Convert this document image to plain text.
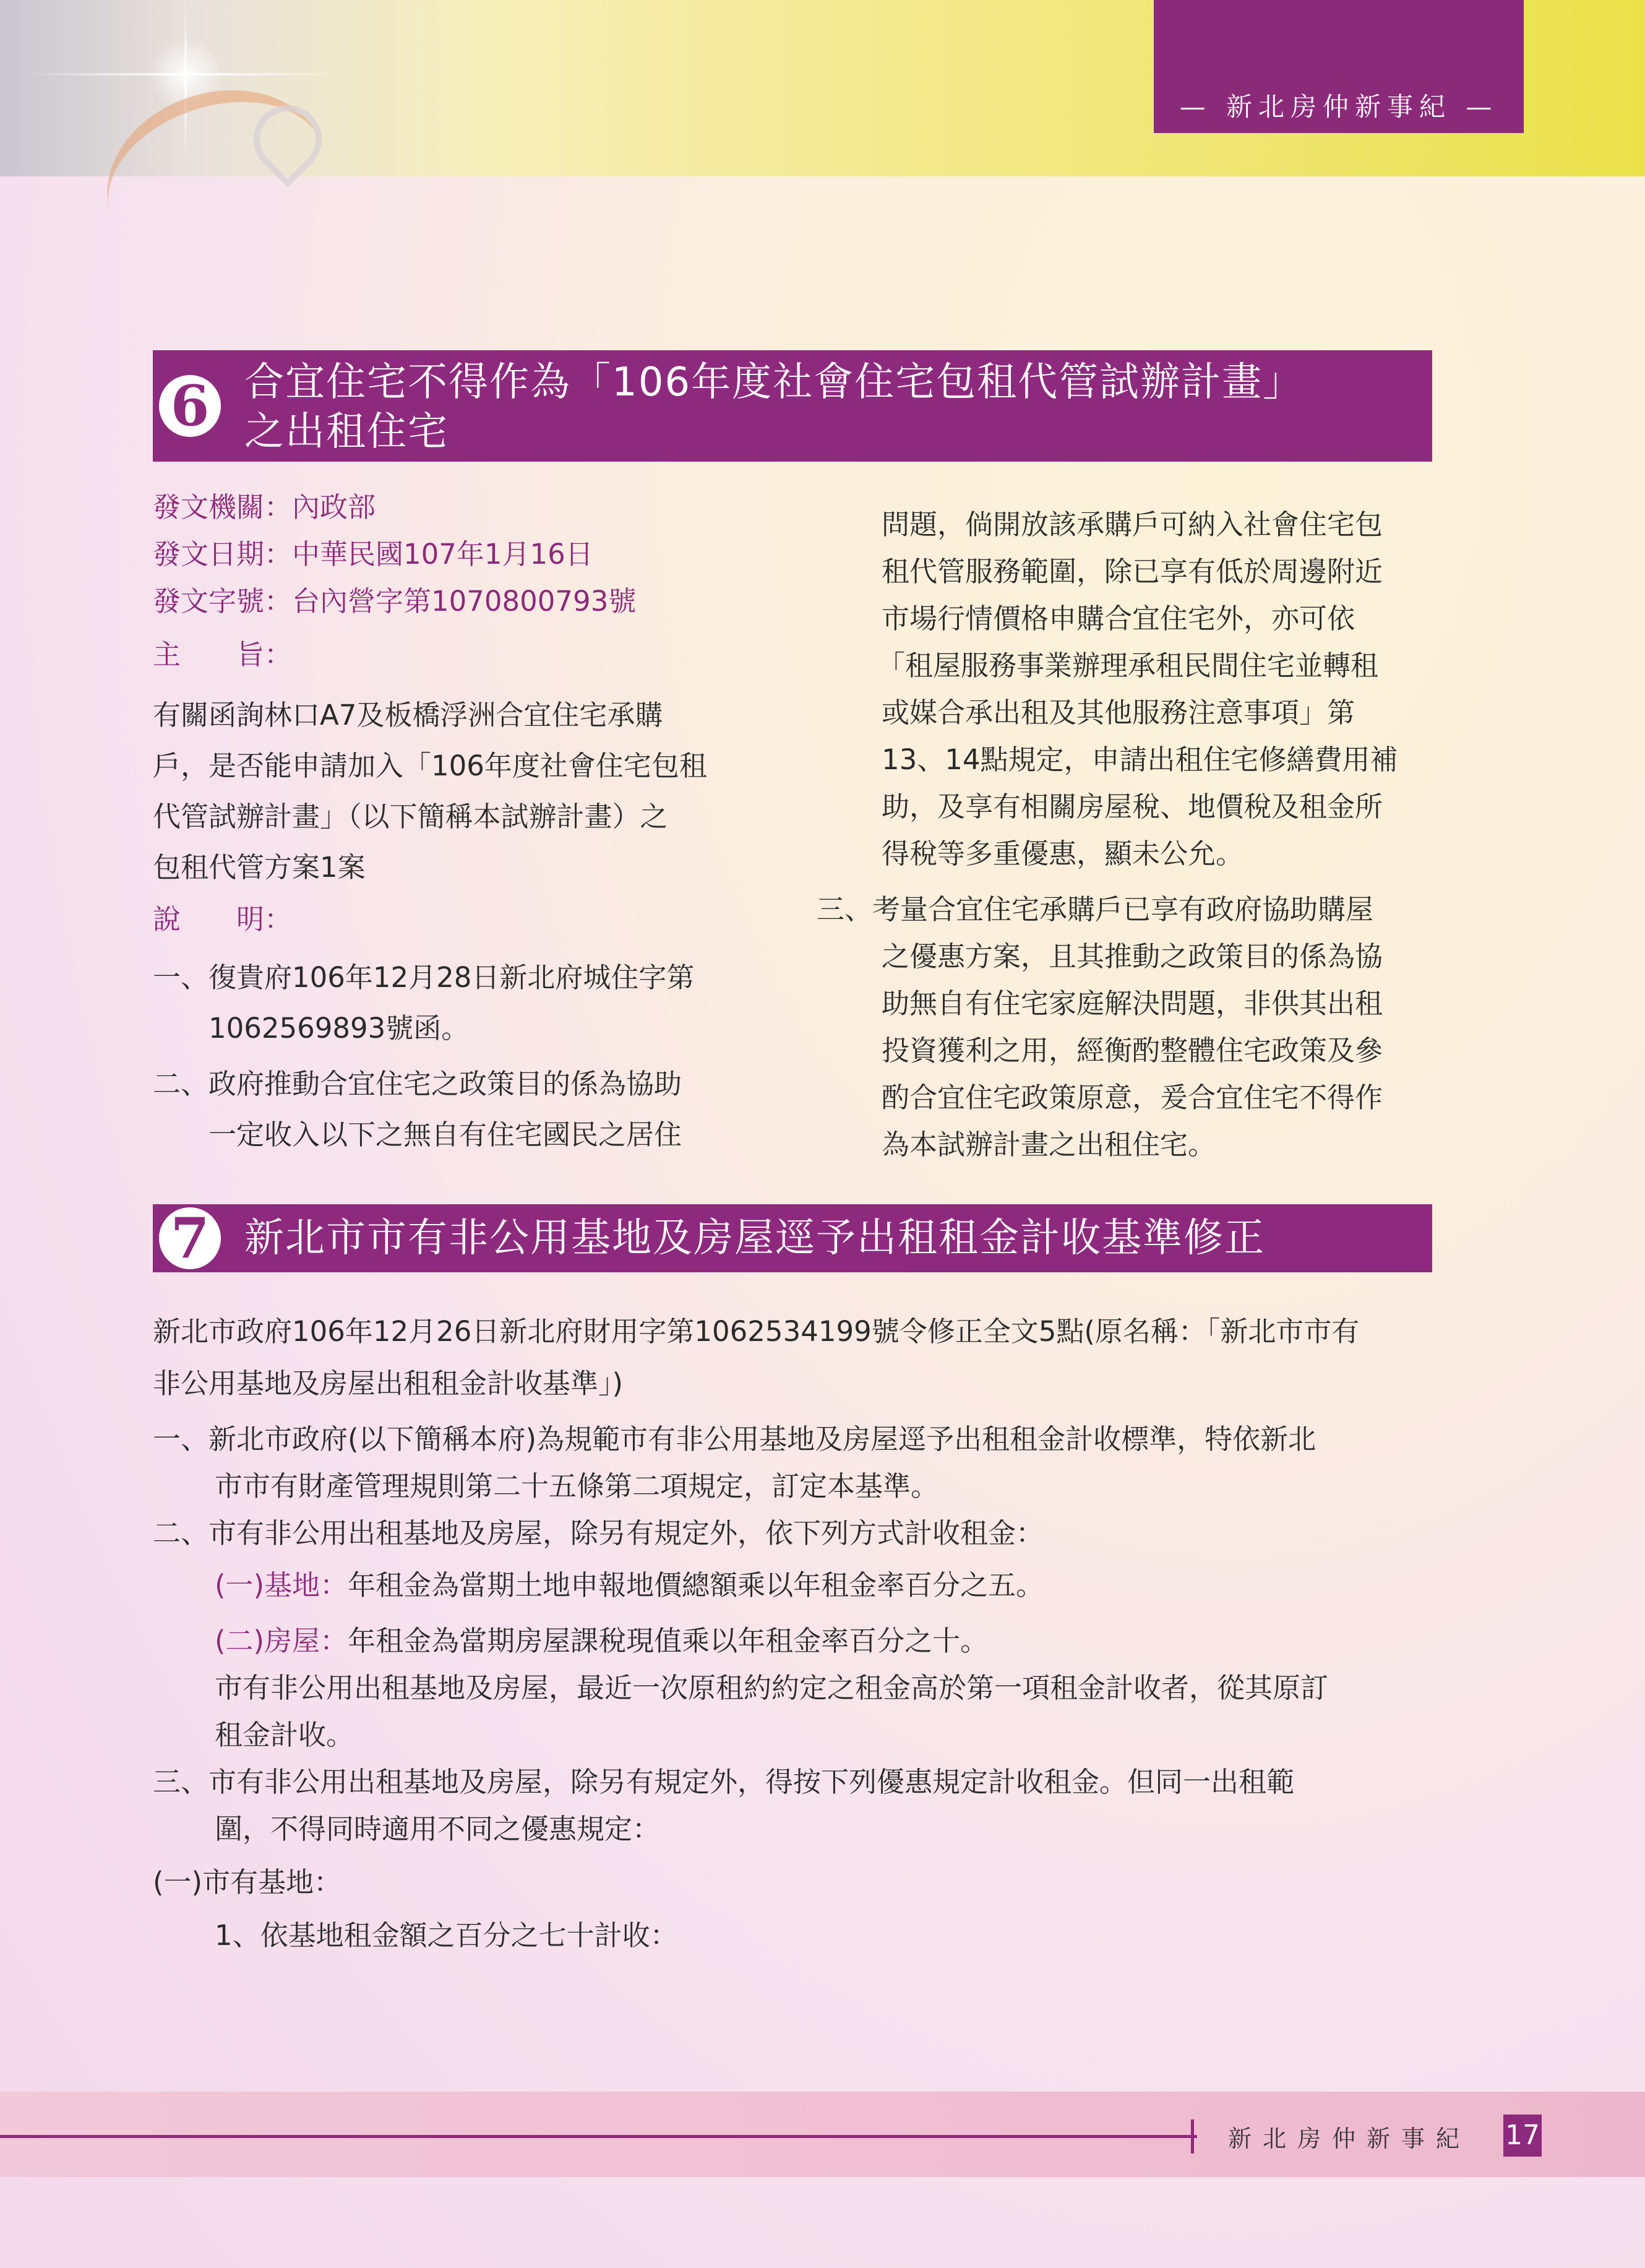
— 新北房仲新事紀 —
6 合宜住宅不得作為「106年度社會住宅包租代管試辦計畫」
之出租住宅
發文機關：內政部
發文日期：中華民國107年1月16日
發文字號：台內營字第1070800793號
主　　旨：
有關函詢林口A7及板橋浮洲合宜住宅承購
戶，是否能申請加入「106年度社會住宅包租
代管試辦計畫」（以下簡稱本試辦計畫）之
包租代管方案1案
說　　明：
一、復貴府106年12月28日新北府城住字第
　　1062569893號函。
二、政府推動合宜住宅之政策目的係為協助
　　一定收入以下之無自有住宅國民之居住
問題，倘開放該承購戶可納入社會住宅包
租代管服務範圍，除已享有低於周邊附近
市場行情價格申購合宜住宅外，亦可依
「租屋服務事業辦理承租民間住宅並轉租
或媒合承出租及其他服務注意事項」第
13、14點規定，申請出租住宅修繕費用補
助，及享有相關房屋稅、地價稅及租金所
得稅等多重優惠，顯未公允。
三、考量合宜住宅承購戶已享有政府協助購屋
之優惠方案，且其推動之政策目的係為協
助無自有住宅家庭解決問題，非供其出租
投資獲利之用，經衡酌整體住宅政策及參
酌合宜住宅政策原意，爰合宜住宅不得作
為本試辦計畫之出租住宅。
7 新北市市有非公用基地及房屋逕予出租租金計收基準修正
新北市政府106年12月26日新北府財用字第1062534199號令修正全文5點(原名稱：「新北市市有
非公用基地及房屋出租租金計收基準」)
一、新北市政府(以下簡稱本府)為規範市有非公用基地及房屋逕予出租租金計收標準，特依新北
市市有財產管理規則第二十五條第二項規定，訂定本基準。
二、市有非公用出租基地及房屋，除另有規定外，依下列方式計收租金：
(一)基地：年租金為當期土地申報地價總額乘以年租金率百分之五。
(二)房屋：年租金為當期房屋課稅現值乘以年租金率百分之十。
市有非公用出租基地及房屋，最近一次原租約約定之租金高於第一項租金計收者，從其原訂
租金計收。
三、市有非公用出租基地及房屋，除另有規定外，得按下列優惠規定計收租金。但同一出租範
圍，不得同時適用不同之優惠規定：
(一)市有基地：
1、依基地租金額之百分之七十計收：
新北房仲新事紀 17
